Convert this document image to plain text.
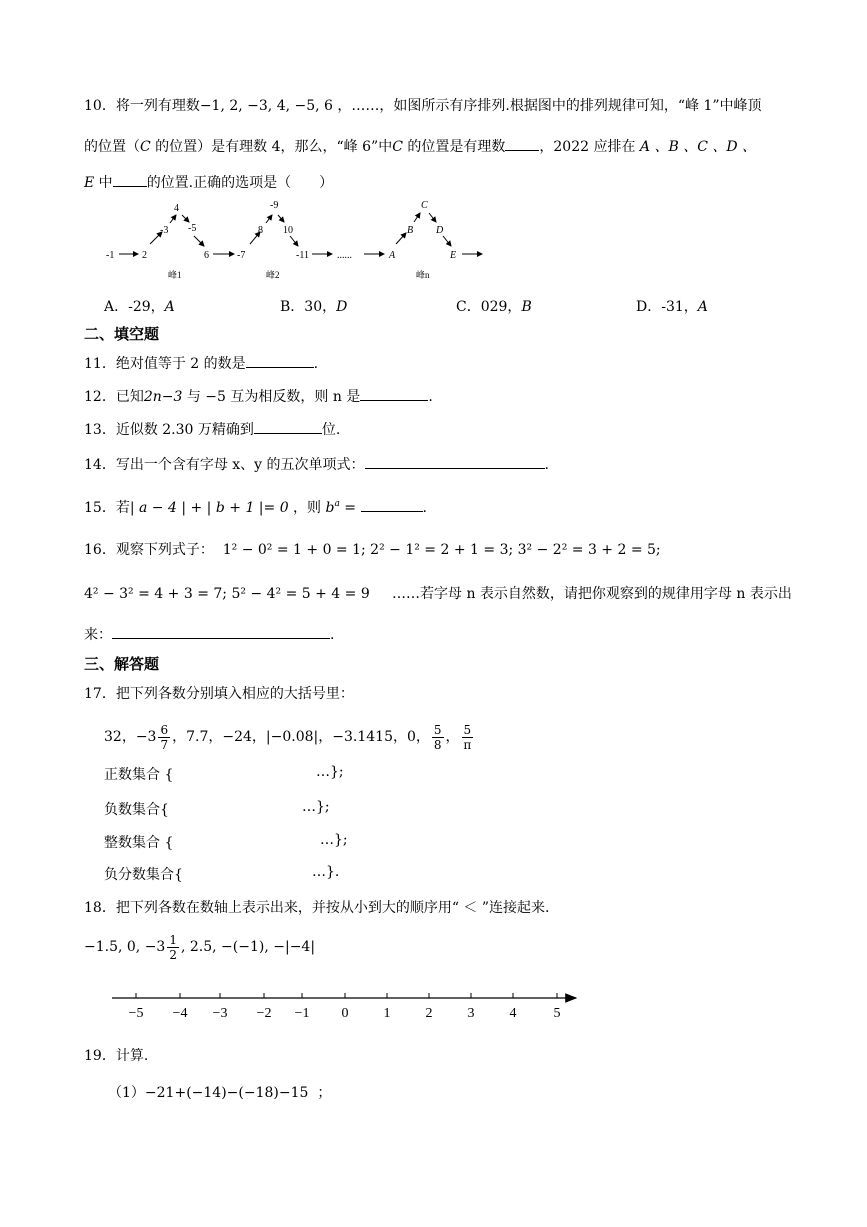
10．将一列有理数−1, 2, −3, 4, −5, 6 ，……，如图所示有序排列.根据图中的排列规律可知，“峰 1”中峰顶
的位置（C 的位置）是有理数 4，那么，“峰 6”中C 的位置是有理数 ，2022 应排在 A 、B 、C 、D 、
E 中 的位置.正确的选项是（　　）
-1	2
-3
4
-5
6	-7
8
-9
10
-11	......	A
B
C
D
E
峰1	峰2	峰n
A．-29，A	B．30，D	C．029，B	D．-31，A
二、填空题
11．绝对值等于 2 的数是	.
12．已知2n−3 与 −5 互为相反数，则 n 是	.
13．近似数 2.30 万精确到	位.
14．写出一个含有字母 x、y 的五次单项式：	.
15．若| a − 4 | + | b + 1 |= 0 ，则 $b^a$ =	.
16．观察下列式子： 1² − 0² = 1 + 0 = 1; 2² − 1² = 2 + 1 = 3; 3² − 2² = 3 + 2 = 5;
4² − 3² = 4 + 3 = 7; 5² − 4² = 5 + 4 = 9 ……若字母 n 表示自然数，请把你观察到的规律用字母 n 表示出
来：	.
三、解答题
17．把下列各数分别填入相应的大括号里：
32，$-3 \frac{6}{7}$ ，7.7，−24，|−0.08|，−3.1415，0， $\frac{5}{8}$ ， $\frac{5}{\pi}$
正数集合 {	…};
负数集合{	…};
整数集合 {	…};
负分数集合{	…}.
18．把下列各数在数轴上表示出来，并按从小到大的顺序用“ ＜ ”连接起来.
−1.5, 0, $-3 \frac{1}{2}$ , 2.5, −(−1), −|−4|
−5 −4 −3 −2 −1 0	1	2	3	4	5
19．计算.
（1）−21+(−14)−(−18)−15 ；
